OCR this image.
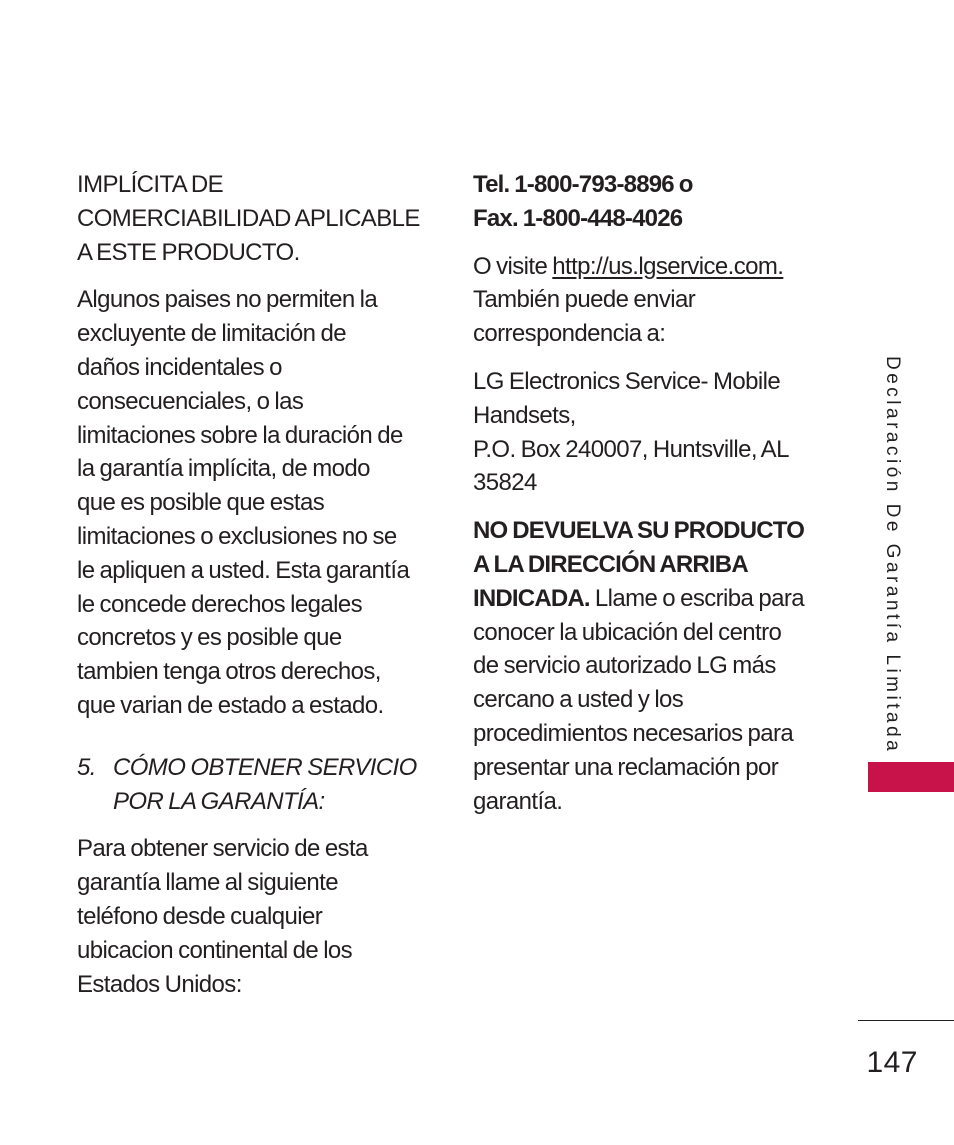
IMPLÍCITA DE
COMERCIABILIDAD APLICABLE
A ESTE PRODUCTO.
Algunos paises no permiten la
excluyente de limitación de
daños incidentales o
consecuenciales, o las
limitaciones sobre la duración de
la garantía implícita, de modo
que es posible que estas
limitaciones o exclusiones no se
le apliquen a usted. Esta garantía
le concede derechos legales
concretos y es posible que
tambien tenga otros derechos,
que varian de estado a estado.
5. CÓMO OBTENER SERVICIO
POR LA GARANTÍA:
Para obtener servicio de esta
garantía llame al siguiente
teléfono desde cualquier
ubicacion continental de los
Estados Unidos:
Tel. 1-800-793-8896 o
Fax. 1-800-448-4026
O visite http://us.lgservice.com.
También puede enviar
correspondencia a:
LG Electronics Service- Mobile
Handsets,
P.O. Box 240007, Huntsville, AL
35824
NO DEVUELVA SU PRODUCTO
A LA DIRECCIÓN ARRIBA
INDICADA. Llame o escriba para
conocer la ubicación del centro
de servicio autorizado LG más
cercano a usted y los
procedimientos necesarios para
presentar una reclamación por
garantía.
Declaración De Garantía Limitada
147
